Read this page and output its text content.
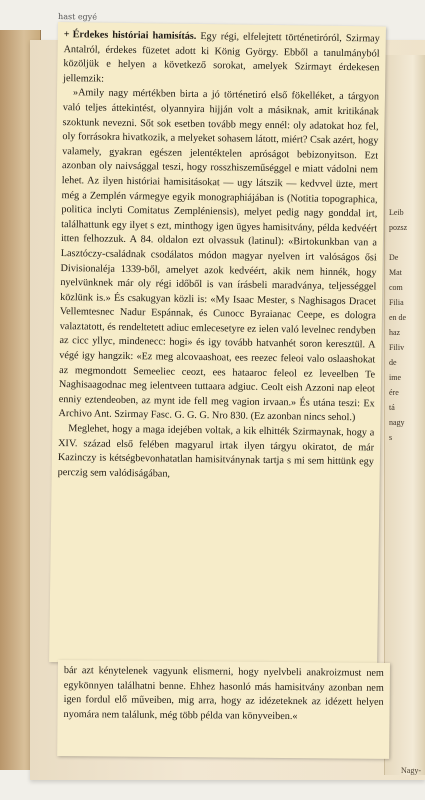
Leib
pozsz

De
Mat
com
Filia
en de
haz
Filiv
de
ime
ére
tá
nagy
s
Nagy-
hast egyé

+ Érdekes históriai hamisítás. Egy régi, elfelejtett történetiróról, Szirmay Antalról, érdekes füzetet adott ki König György. Ebből a tanulmányból közöljük e helyen a következő sorokat, amelyek Szirmayt érdekesen jellemzik:

»Amily nagy mértékben birta a jó történetiró első fökelléket, a tárgyon való teljes áttekintést, olyannyira hijján volt a másiknak, amit kritikának szoktunk nevezni. Sőt sok esetben tovább megy ennél: oly adatokat hoz fel, oly forrásokra hivatkozik, a melyeket sohasem látott, miért? Csak azért, hogy valamely, gyakran egészen jelentéktelen apróságot bebizonyitson. Ezt azonban oly naivsággal teszi, hogy rosszhiszeműséggel e miatt vádolni nem lehet. Az ilyen históriai hamisitásokat — ugy látszik — kedvvel üzte, mert még a Zemplén vármegye egyik monographiájában is (Notitia topographica, politica inclyti Comitatus Zempléniensis), melyet pedig nagy gonddal irt, találhattunk egy ilyet s ezt, minthogy igen ügyes hamisitvány, példa kedvéért itten felhozzuk. A 84. oldalon ezt olvassuk (latinul): «Birtokunkban van a Lasztóczy-családnak csodálatos módon magyar nyelven irt valóságos ősi Divisionaléja 1339-ből, amelyet azok kedvéért, akik nem hinnék, hogy nyelvünknek már oly régi időből is van írásbeli maradványa, teljességgel közlünk is.» És csakugyan közli is: «My Isaac Mester, s Naghisagos Dracet Vellemtesnec Nadur Espánnak, és Cunocc Byraianac Ceepe, es dologra valaztatott, és rendeltetett adiuc emlecesetyre ez ielen való levelnec rendyben az cicc yllyc, mindenecc: hogi» és igy tovább hatvanhét soron keresztül. A végé igy hangzik: «Ez meg alcovaashoat, ees reezec feleoi valo oslaashokat az megmondott Semeeliec ceozt, ees hataaroc feleol ez leveelben Te Naghisaagodnac meg ielentveen tuttaara adgiuc. Ceolt eish Azzoni nap eleot enniy eztendeoben, az mynt ide fell meg vagion irvaan.» És utána teszi: Ex Archivo Ant. Szirmay Fasc. G. G. G. Nro 830. (Ez azonban nincs sehol.)

Meglehet, hogy a maga idejében voltak, a kik elhitték Szirmaynak, hogy a XIV. század első felében magyarul irtak ilyen tárgyu okiratot, de már Kazinczy is kétségbevonhatatlan hamisitványnak tartja s mi sem hittünk egy perczig sem valódiságában,

bár azt kénytelenek vagyunk elismerni, hogy nyelvbeli anakroizmust nem egykönnyen találhatni benne. Ehhez hasonló más hamisitvány azonban nem igen fordul elő műveiben, mig arra, hogy az idézeteknek az idézett helyen nyomára nem találunk, még több példa van könyveiben.«
